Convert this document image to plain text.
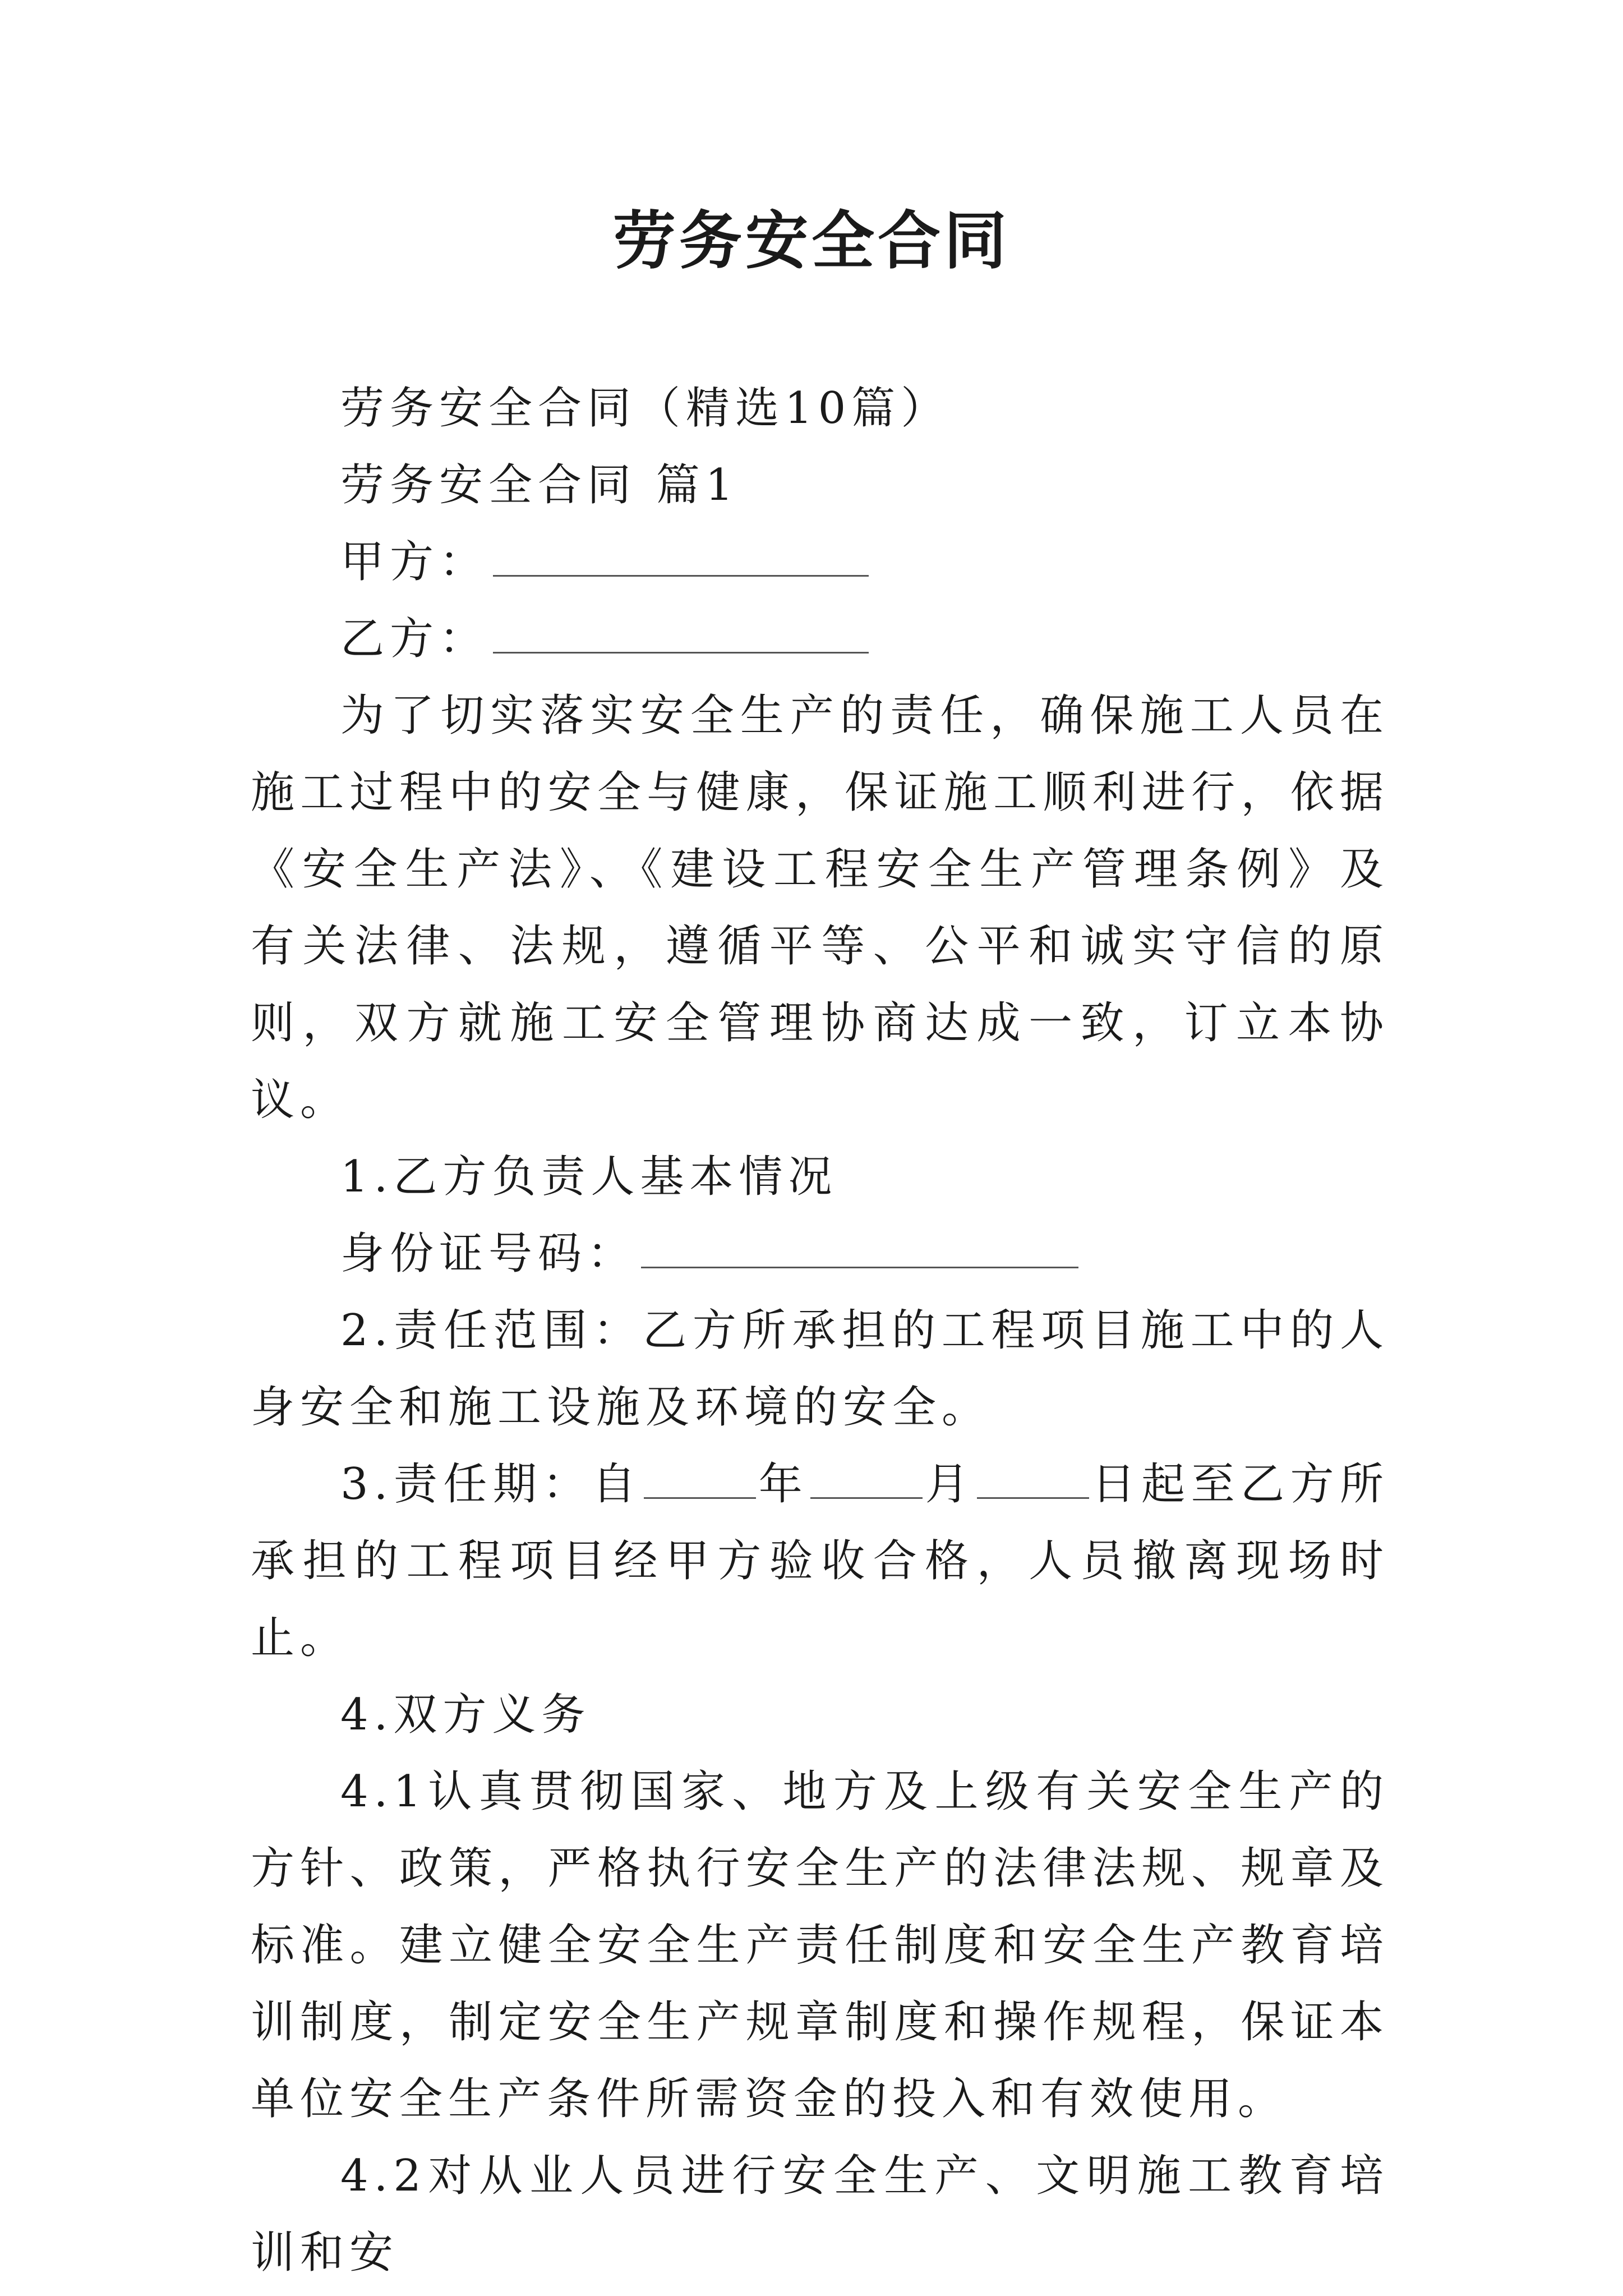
劳务安全合同

劳务安全合同（精选10篇）

劳务安全合同 篇1

甲方：

乙方：

为了切实落实安全生产的责任，确保施工人员在施工过程中的安全与健康，保证施工顺利进行，依据《安全生产法》、《建设工程安全生产管理条例》及有关法律、法规，遵循平等、公平和诚实守信的原则，双方就施工安全管理协商达成一致，订立本协议。

1.乙方负责人基本情况

身份证号码：

2.责任范围：乙方所承担的工程项目施工中的人身安全和施工设施及环境的安全。

3.责任期：自	年	月	日起至乙方所承担的工程项目经甲方验收合格，人员撤离现场时止。

4.双方义务

4.1认真贯彻国家、地方及上级有关安全生产的方针、政策，严格执行安全生产的法律法规、规章及标准。建立健全安全生产责任制度和安全生产教育培训制度，制定安全生产规章制度和操作规程，保证本单位安全生产条件所需资金的投入和有效使用。

4.2对从业人员进行安全生产、文明施工教育培训和安
